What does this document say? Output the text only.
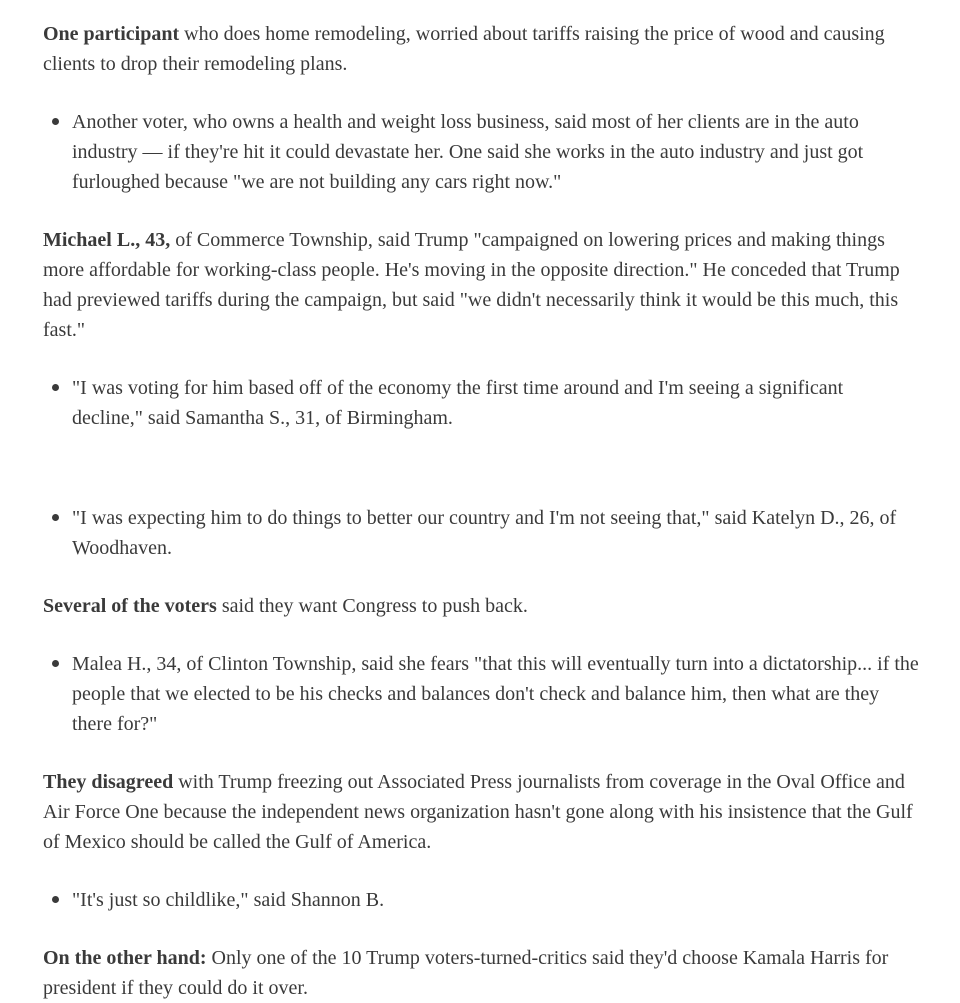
One participant who does home remodeling, worried about tariffs raising the price of wood and causing clients to drop their remodeling plans.

Another voter, who owns a health and weight loss business, said most of her clients are in the auto industry — if they're hit it could devastate her. One said she works in the auto industry and just got furloughed because "we are not building any cars right now."

Michael L., 43, of Commerce Township, said Trump "campaigned on lowering prices and making things more affordable for working-class people. He's moving in the opposite direction." He conceded that Trump had previewed tariffs during the campaign, but said "we didn't necessarily think it would be this much, this fast."

"I was voting for him based off of the economy the first time around and I'm seeing a significant decline," said Samantha S., 31, of Birmingham.
"I was expecting him to do things to better our country and I'm not seeing that," said Katelyn D., 26, of Woodhaven.

Several of the voters said they want Congress to push back.

Malea H., 34, of Clinton Township, said she fears "that this will eventually turn into a dictatorship... if the people that we elected to be his checks and balances don't check and balance him, then what are they there for?"

They disagreed with Trump freezing out Associated Press journalists from coverage in the Oval Office and Air Force One because the independent news organization hasn't gone along with his insistence that the Gulf of Mexico should be called the Gulf of America.

"It's just so childlike," said Shannon B.

On the other hand: Only one of the 10 Trump voters-turned-critics said they'd choose Kamala Harris for president if they could do it over.
